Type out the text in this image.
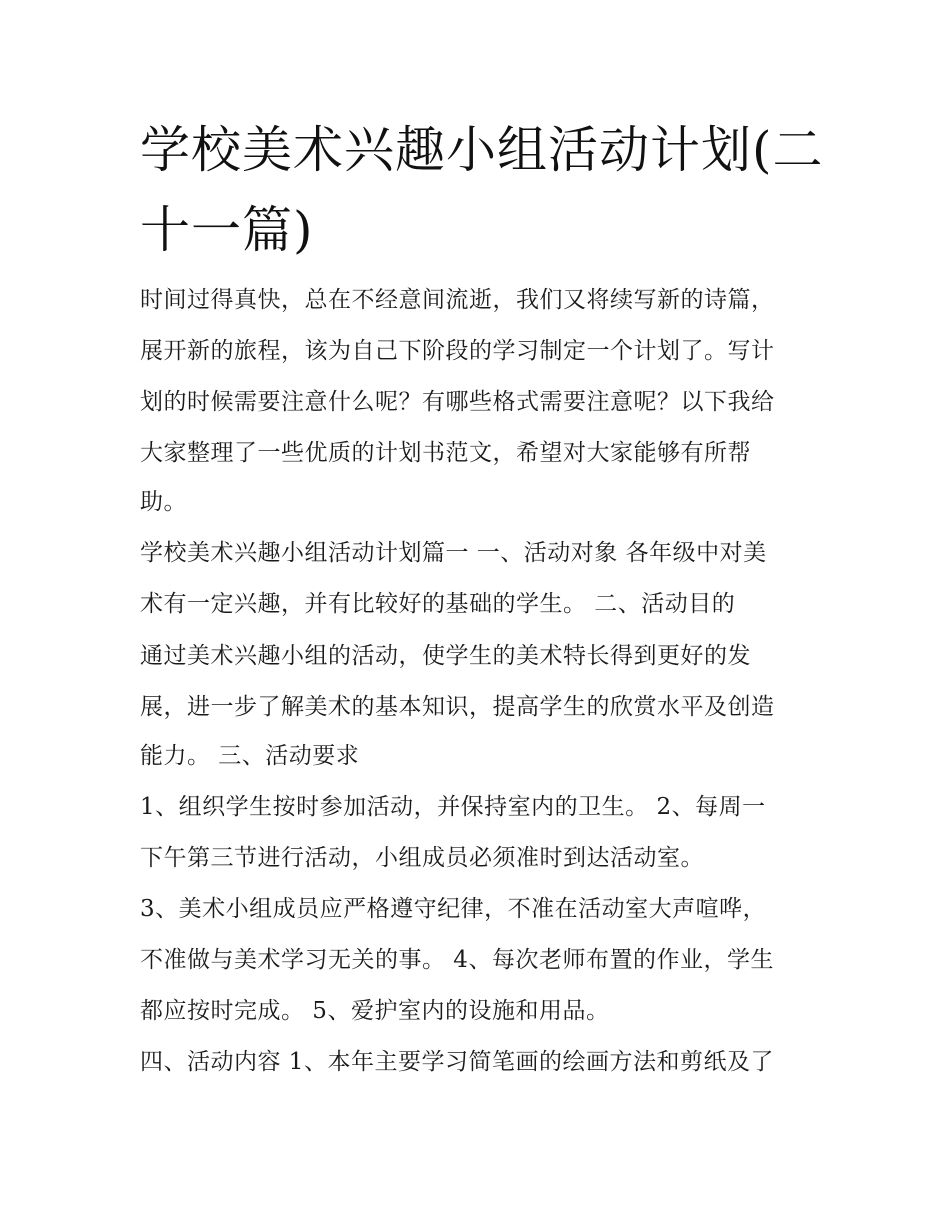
学校美术兴趣小组活动计划(二
十一篇)
时间过得真快，总在不经意间流逝，我们又将续写新的诗篇，
展开新的旅程，该为自己下阶段的学习制定一个计划了。写计
划的时候需要注意什么呢？有哪些格式需要注意呢？以下我给
大家整理了一些优质的计划书范文，希望对大家能够有所帮
助。
学校美术兴趣小组活动计划篇一 一、活动对象 各年级中对美
术有一定兴趣，并有比较好的基础的学生。 二、活动目的
通过美术兴趣小组的活动，使学生的美术特长得到更好的发
展，进一步了解美术的基本知识，提高学生的欣赏水平及创造
能力。 三、活动要求
1、组织学生按时参加活动，并保持室内的卫生。 2、每周一
下午第三节进行活动，小组成员必须准时到达活动室。
3、美术小组成员应严格遵守纪律，不准在活动室大声喧哗，
不准做与美术学习无关的事。 4、每次老师布置的作业，学生
都应按时完成。 5、爱护室内的设施和用品。
四、活动内容 1、本年主要学习简笔画的绘画方法和剪纸及了
